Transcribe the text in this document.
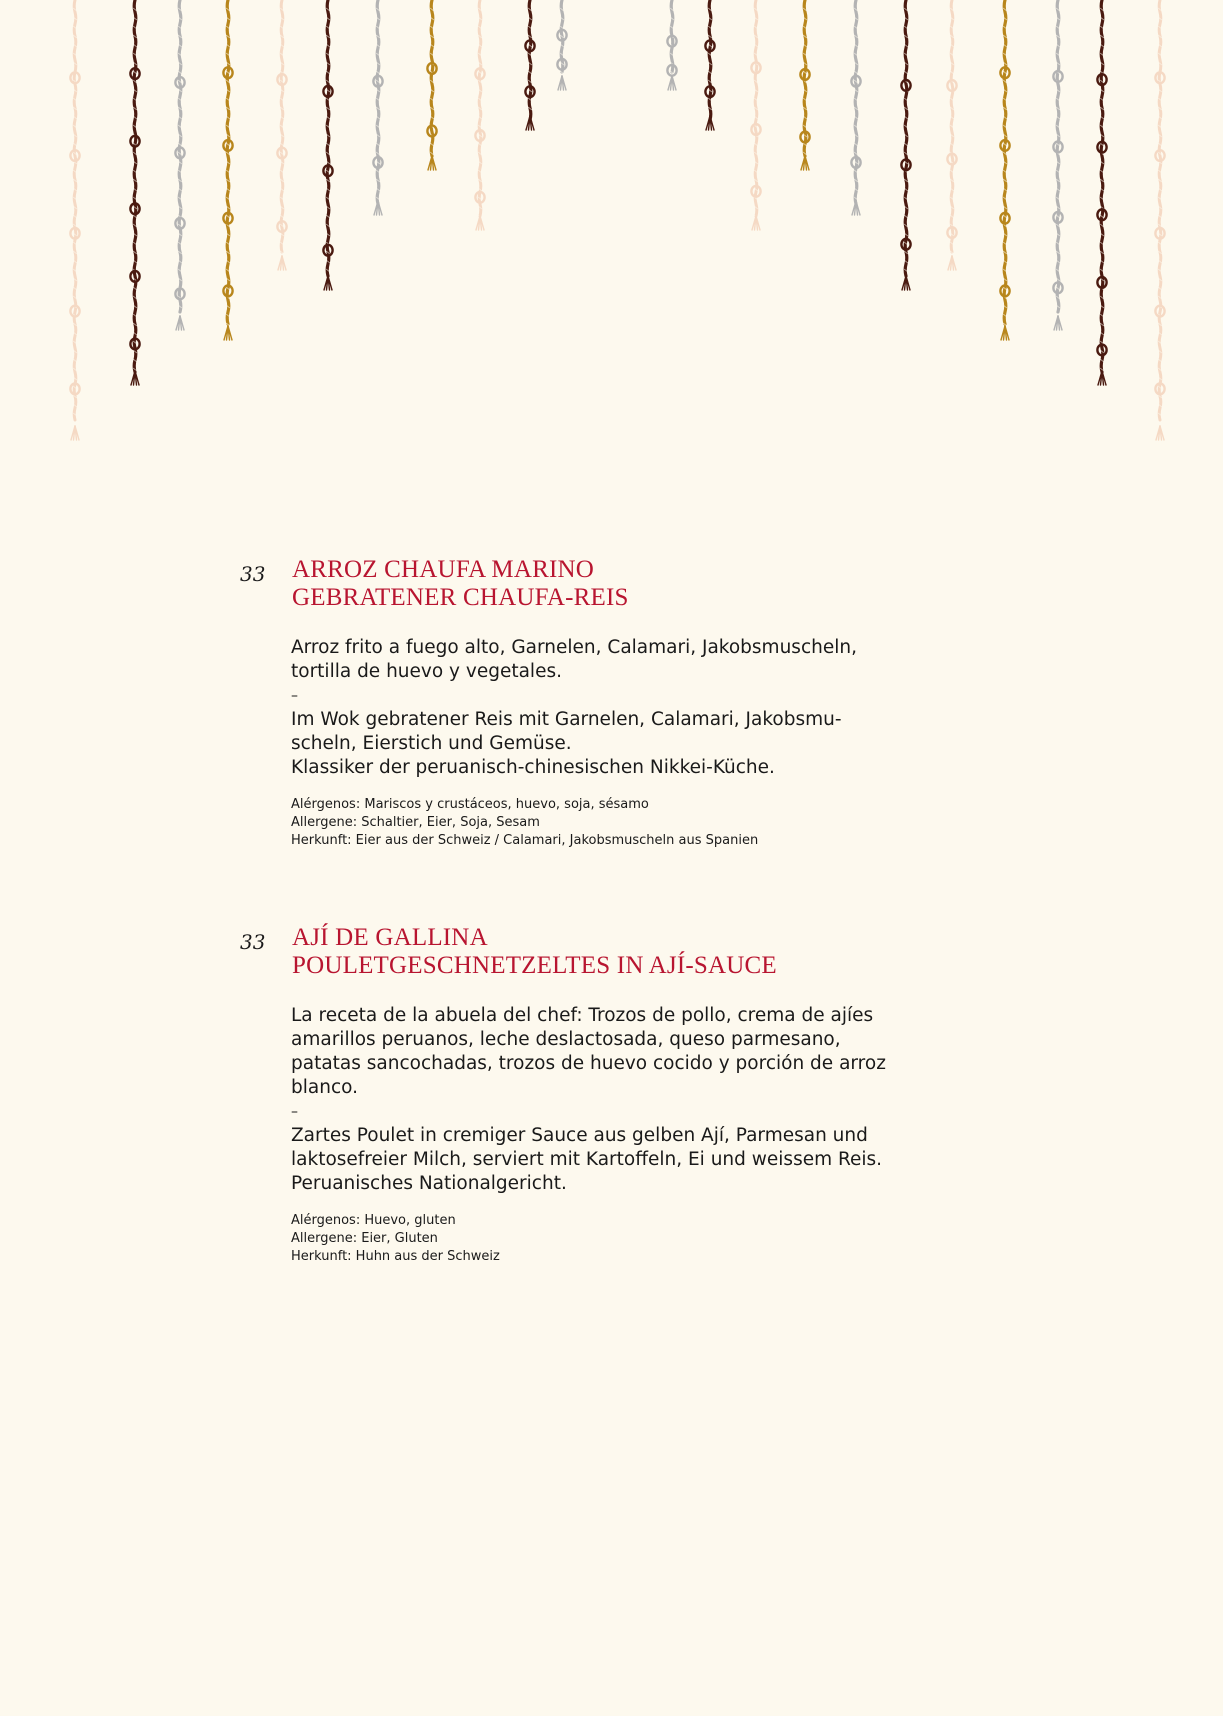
33 ARROZ CHAUFA MARINO
GEBRATENER CHAUFA-REIS

Arroz frito a fuego alto, Garnelen, Calamari, Jakobsmuscheln,

tortilla de huevo y vegetales.

–

Im Wok gebratener Reis mit Garnelen, Calamari, Jakobsmu-

scheln, Eierstich und Gemüse.

Klassiker der peruanisch-chinesischen Nikkei-Küche.

Alérgenos: Mariscos y crustáceos, huevo, soja, sésamo

Allergene: Schaltier, Eier, Soja, Sesam

Herkunft: Eier aus der Schweiz / Calamari, Jakobsmuscheln aus Spanien

33 AJÍ DE GALLINA
POULETGESCHNETZELTES IN AJÍ-SAUCE

La receta de la abuela del chef: Trozos de pollo, crema de ajíes

amarillos peruanos, leche deslactosada, queso parmesano,

patatas sancochadas, trozos de huevo cocido y porción de arroz

blanco.

–

Zartes Poulet in cremiger Sauce aus gelben Ají, Parmesan und

laktosefreier Milch, serviert mit Kartoffeln, Ei und weissem Reis.

Peruanisches Nationalgericht.

Alérgenos: Huevo, gluten

Allergene: Eier, Gluten

Herkunft: Huhn aus der Schweiz
